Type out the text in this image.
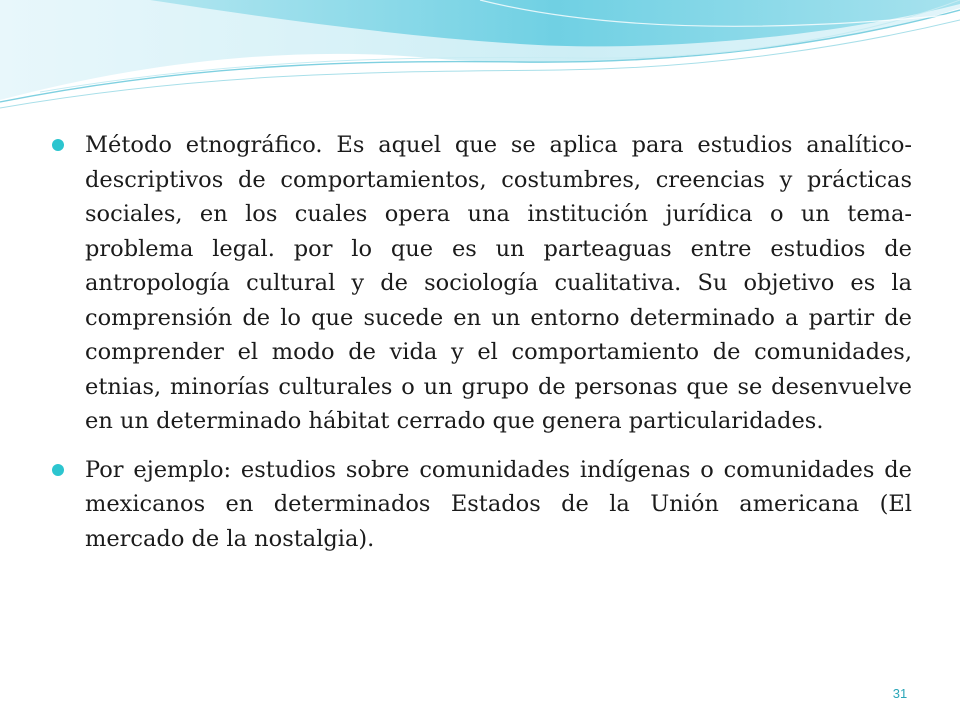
Método etnográfico. Es aquel que se aplica para estudios analítico-descriptivos de comportamientos, costumbres, creencias y prácticas sociales, en los cuales opera una institución jurídica o un tema- problema legal. por lo que es un parteaguas entre estudios de antropología cultural y de sociología cualitativa. Su objetivo es la comprensión de lo que sucede en un entorno determinado a partir de comprender el modo de vida y el comportamiento de comunidades, etnias, minorías culturales o un grupo de personas que se desenvuelve en un determinado hábitat cerrado que genera particularidades.
Por ejemplo: estudios sobre comunidades indígenas o comunidades de mexicanos en determinados Estados de la Unión americana (El mercado de la nostalgia).
31
